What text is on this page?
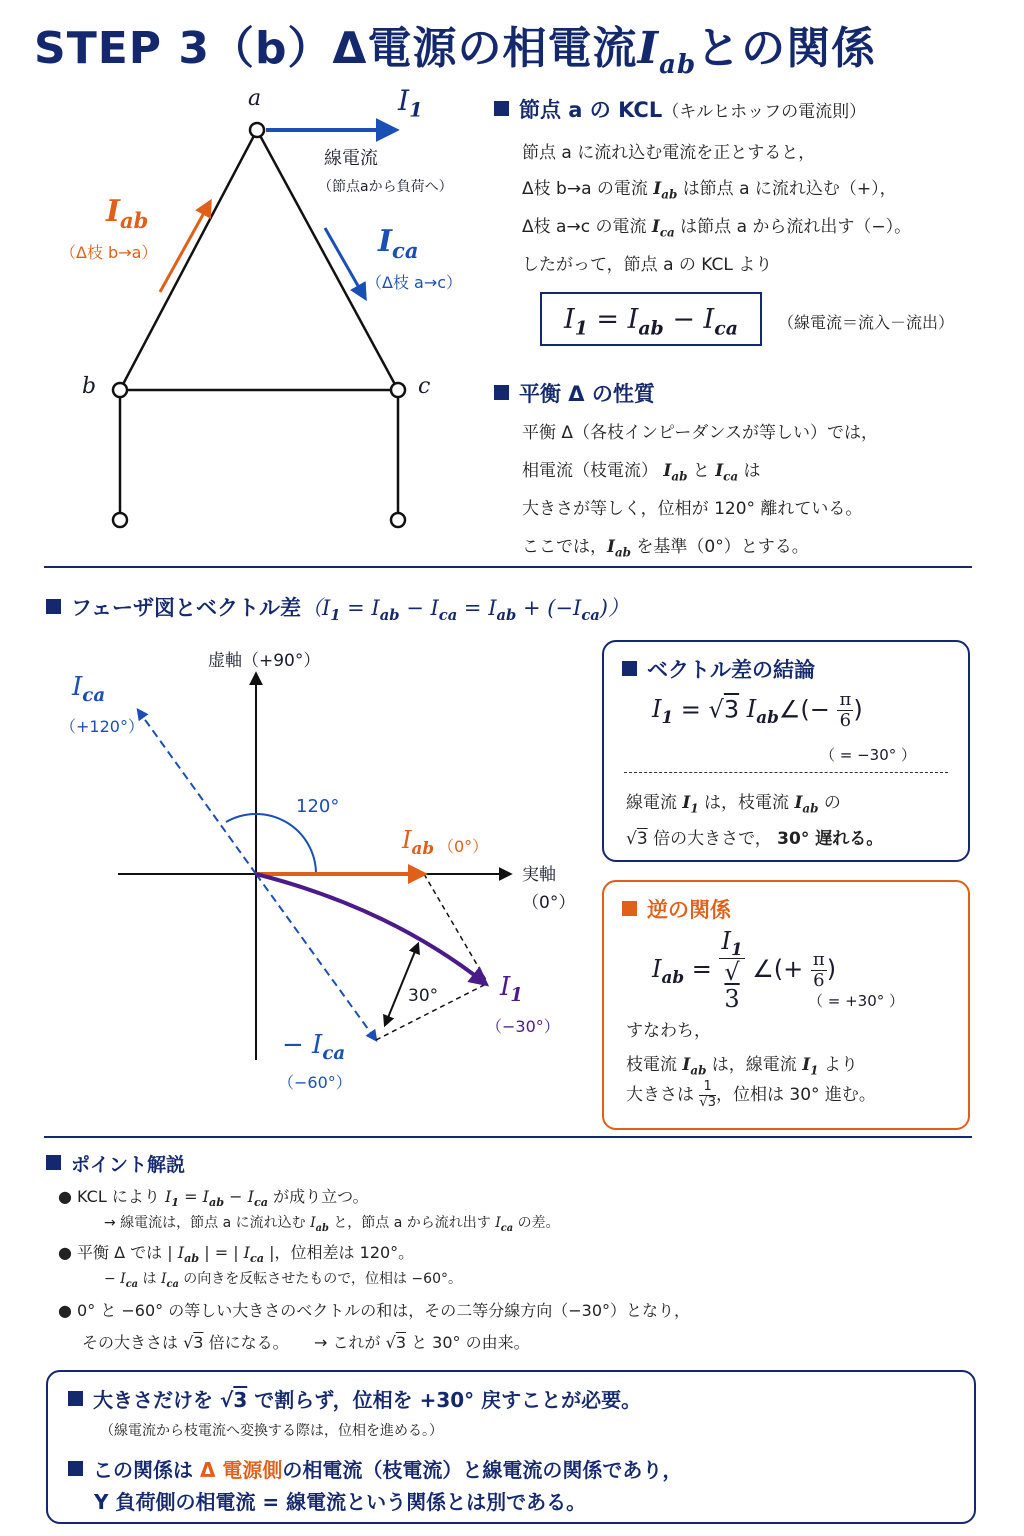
STEP 3（b）Δ電源の相電流$I_{ab}$との関係
a
b	c
$I_1$
線電流
（節点aから負荷へ）
$I_{ab}$
（Δ枝 b→a）	$I_{ca}$
（Δ枝 a→c）
節点 a の KCL（キルヒホッフの電流則）
節点 a に流れ込む電流を正とすると，
Δ枝 b→a の電流 $I_{ab}$ は節点 a に流れ込む（+），
Δ枝 a→c の電流 $I_{ca}$ は節点 a から流れ出す（−）。
したがって，節点 a の KCL より
$I_1 = I_{ab} - I_{ca}$	（線電流＝流入－流出）
平衡 Δ の性質
平衡 Δ（各枝インピーダンスが等しい）では，
相電流（枝電流） $I_{ab}$ と $I_{ca}$ は
大きさが等しく，位相が 120° 離れている。
ここでは，$I_{ab}$ を基準（0°）とする。
フェーザ図とベクトル差$(I_1 = I_{ab} - I_{ca} = I_{ab} + (-I_{ca}))$
虚軸（+90°）
実軸
（0°）
120°
30°
$I_{ca}$
（+120°）
$I_{ab}$ （0°）
$I_1$
（−30°）
− $I_{ca}$
（−60°）
ベクトル差の結論
$I_1 = √3$ $I_{ab}\angle(- \frac{\pi}{6}$ )
（ = −30° ）
線電流 $I_1$ は，枝電流 $I_{ab}$ の
√3 倍の大きさで， 30° 遅れる。
逆の関係
$I_{ab} = I_1$
√
3 ∠(+ $\frac{\pi}{6}$ )
（ = +30° ）
すなわち，
枝電流 $I_{ab}$ は，線電流 $I_1$ より
大きさは $\frac{1}{√3}$ ，位相は 30° 進む。
ポイント解説
● KCL により $I_1 = I_{ab} - I_{ca}$ が成り立つ。
→ 線電流は，節点 a に流れ込む $I_{ab}$ と，節点 a から流れ出す $I_{ca}$ の差。
● 平衡 Δ では | $I_{ab}$ | = | $I_{ca}$ |，位相差は 120°。
− $I_{ca}$ は $I_{ca}$ の向きを反転させたもので，位相は −60°。
● 0° と −60° の等しい大きさのベクトルの和は，その二等分線方向（−30°）となり，
その大きさは √3 倍になる。 → これが √3 と 30° の由来。
大きさだけを √3 で割らず，位相を +30° 戻すことが必要。
（線電流から枝電流へ変換する際は，位相を進める。）
この関係は Δ 電源側の相電流（枝電流）と線電流の関係であり，
Y 負荷側の相電流 = 線電流という関係とは別である。
